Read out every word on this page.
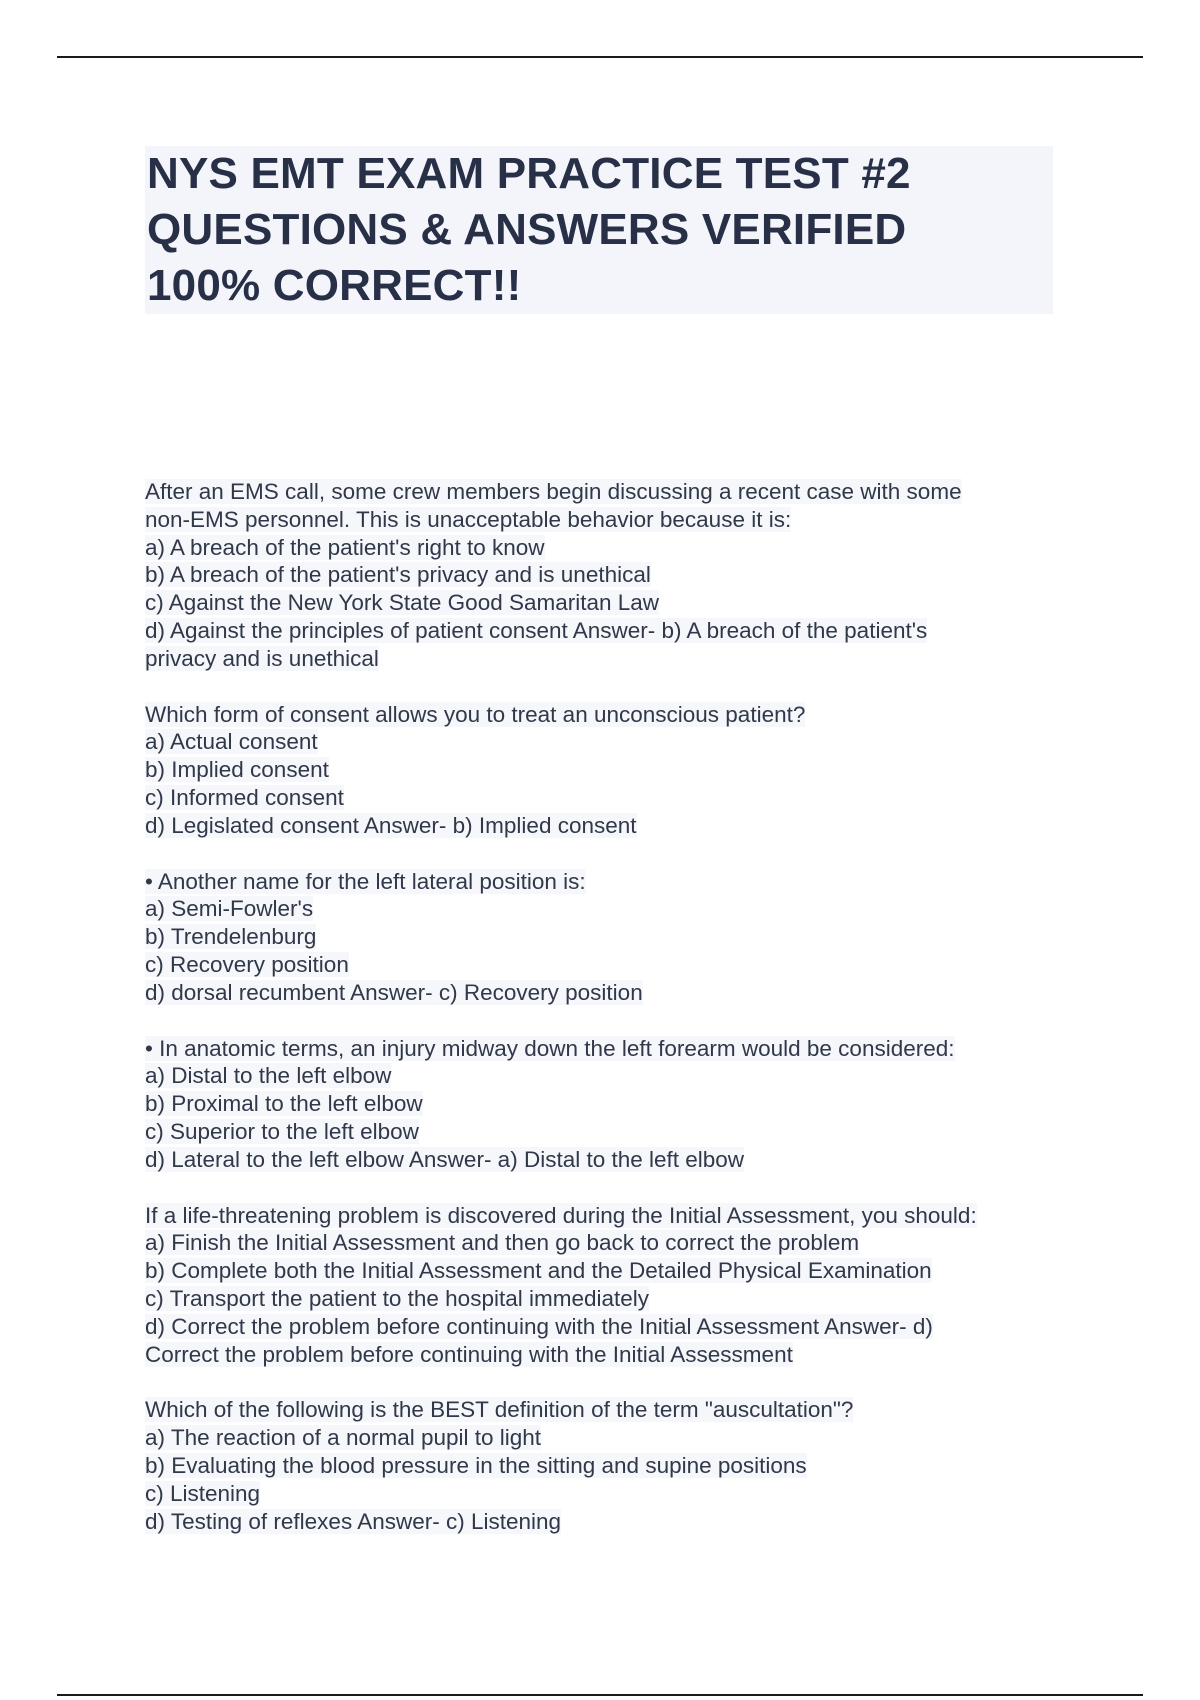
NYS EMT EXAM PRACTICE TEST #2
QUESTIONS & ANSWERS VERIFIED
100% CORRECT!!
After an EMS call, some crew members begin discussing a recent case with some
non-EMS personnel. This is unacceptable behavior because it is:
a) A breach of the patient's right to know
b) A breach of the patient's privacy and is unethical
c) Against the New York State Good Samaritan Law
d) Against the principles of patient consent Answer- b) A breach of the patient's
privacy and is unethical
Which form of consent allows you to treat an unconscious patient?
a) Actual consent
b) Implied consent
c) Informed consent
d) Legislated consent Answer- b) Implied consent
• Another name for the left lateral position is:
a) Semi-Fowler's
b) Trendelenburg
c) Recovery position
d) dorsal recumbent Answer- c) Recovery position
• In anatomic terms, an injury midway down the left forearm would be considered:
a) Distal to the left elbow
b) Proximal to the left elbow
c) Superior to the left elbow
d) Lateral to the left elbow Answer- a) Distal to the left elbow
If a life-threatening problem is discovered during the Initial Assessment, you should:
a) Finish the Initial Assessment and then go back to correct the problem
b) Complete both the Initial Assessment and the Detailed Physical Examination
c) Transport the patient to the hospital immediately
d) Correct the problem before continuing with the Initial Assessment Answer- d)
Correct the problem before continuing with the Initial Assessment
Which of the following is the BEST definition of the term "auscultation"?
a) The reaction of a normal pupil to light
b) Evaluating the blood pressure in the sitting and supine positions
c) Listening
d) Testing of reflexes Answer- c) Listening
